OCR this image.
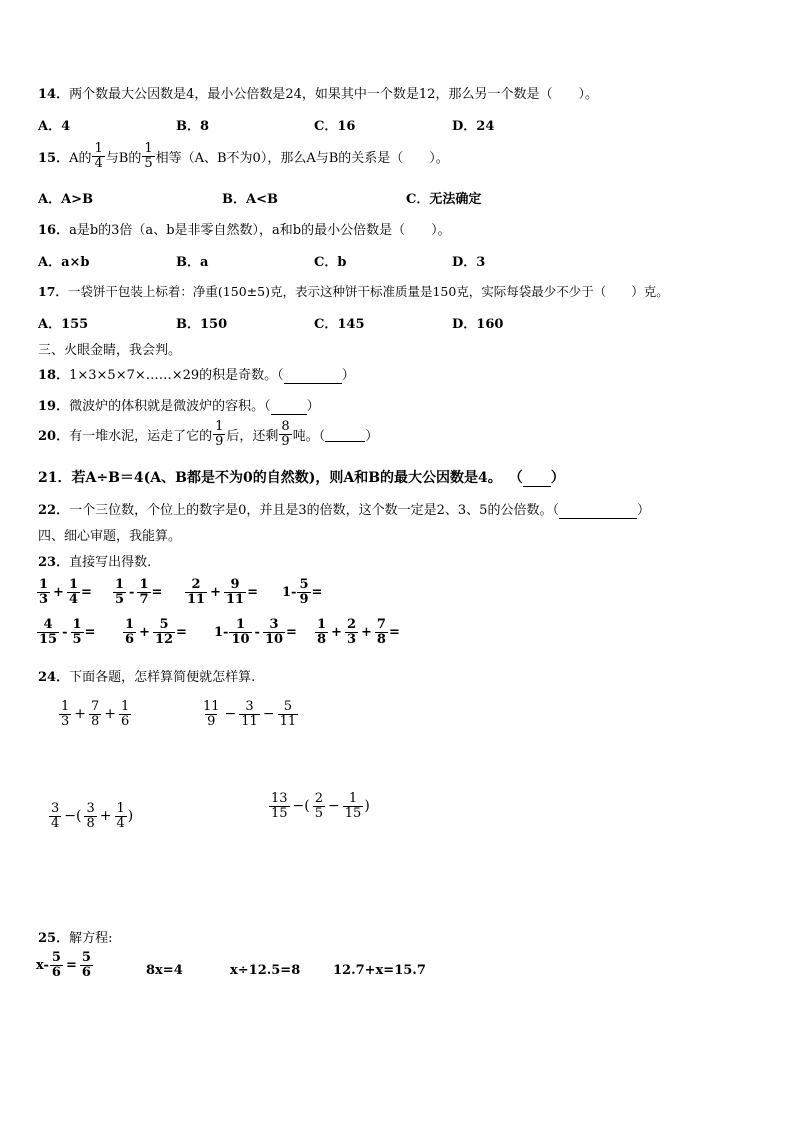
14．两个数最大公因数是4，最小公倍数是24，如果其中一个数是12，那么另一个数是（　　）。
A．4	B．8	C．16	D．24
15． A的 $\frac{1}{4}$ 与B的 $\frac{1}{5}$ 相等（A、B不为0），那么A与B的关系是（　　）。
A．A>B	B．A<B	C．无法确定
16．a是b的3倍（a、b是非零自然数），a和b的最小公倍数是（　　）。
A．a×b	B．a	C．b	D．3
17．一袋饼干包装上标着：净重(150±5)克，表示这种饼干标准质量是150克，实际每袋最少不少于（　　）克。
A．155	B．150	C．145	D．160
三、火眼金睛，我会判。
18．1×3×5×7×……×29的积是奇数。（	）
19．微波炉的体积就是微波炉的容积。（	）
20． 有一堆水泥，运走了它的 $\frac{1}{9}$ 后，还剩 $\frac{8}{9}$ 吨。（
	）
21．若A÷B＝4(A、B都是不为0的自然数)，则A和B的最大公因数是4。 （ ）
22．一个三位数，个位上的数字是0，并且是3的倍数，这个数一定是2、3、5的公倍数。（	）
四、细心审题，我能算。
23．直接写出得数.
$\frac{1}{3} + \frac{1}{4} = \frac{1}{5} - \frac{1}{7} = \frac{2}{11} + \frac{9}{11} = 1- \frac{5}{9}$ =
$\frac{4}{15} - \frac{1}{5} = \frac{1}{6} + \frac{5}{12} = 1- \frac{1}{10} - \frac{3}{10} = \frac{1}{8} + \frac{2}{3} + \frac{7}{8}$ =
24．下面各题，怎样算简便就怎样算.
$\frac{1}{3} + \frac{7}{8} + \frac{1}{6}$	$\frac{11}{9} - \frac{3}{11} - \frac{5}{11}$
$\frac{3}{4}$ −( $\frac{3}{8} + \frac{1}{4}$ )	$\frac{13}{15}$ −( $\frac{2}{5} - \frac{1}{15}$ )
25．解方程:
$x- \frac{5}{6} = \frac{5}{6}$	8x=4	x÷12.5=8	12.7+x=15.7
